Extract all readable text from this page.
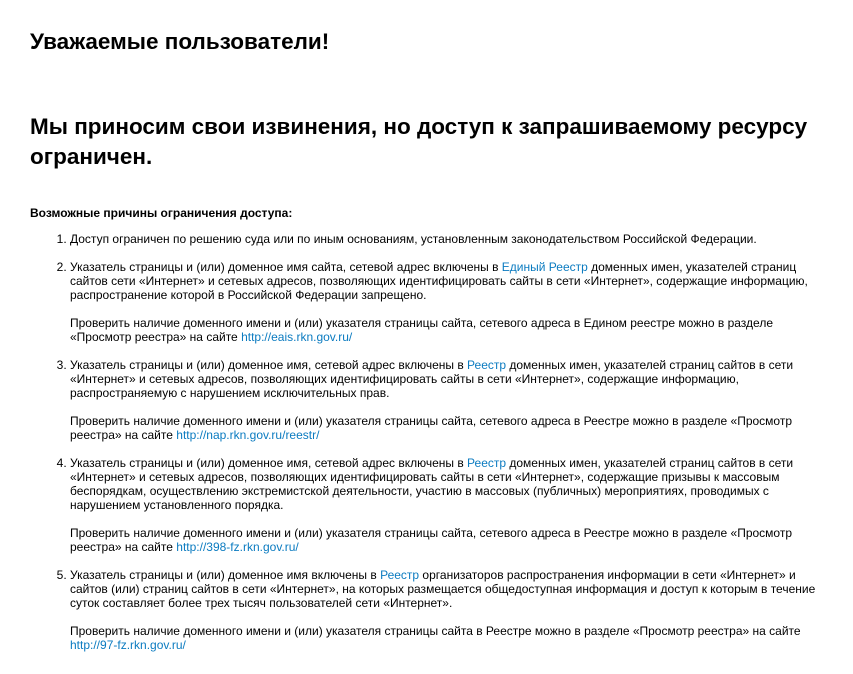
Уважаемые пользователи!
Мы приносим свои извинения, но доступ к запрашиваемому ресурсу ограничен.

Возможные причины ограничения доступа:

1. Доступ ограничен по решению суда или по иным основаниям, установленным законодательством Российской Федерации.

2. Указатель страницы и (или) доменное имя сайта, сетевой адрес включены в Единый Реестр доменных имен, указателей страниц сайтов сети «Интернет» и сетевых адресов, позволяющих идентифицировать сайты в сети «Интернет», содержащие информацию, распространение которой в Российской Федерации запрещено.

Проверить наличие доменного имени и (или) указателя страницы сайта, сетевого адреса в Едином реестре можно в разделе «Просмотр реестра» на сайте http://eais.rkn.gov.ru/

3. Указатель страницы и (или) доменное имя, сетевой адрес включены в Реестр доменных имен, указателей страниц сайтов в сети «Интернет» и сетевых адресов, позволяющих идентифицировать сайты в сети «Интернет», содержащие информацию, распространяемую с нарушением исключительных прав.

Проверить наличие доменного имени и (или) указателя страницы сайта, сетевого адреса в Реестре можно в разделе «Просмотр реестра» на сайте http://nap.rkn.gov.ru/reestr/

4. Указатель страницы и (или) доменное имя, сетевой адрес включены в Реестр доменных имен, указателей страниц сайтов в сети «Интернет» и сетевых адресов, позволяющих идентифицировать сайты в сети «Интернет», содержащие призывы к массовым беспорядкам, осуществлению экстремистской деятельности, участию в массовых (публичных) мероприятиях, проводимых с нарушением установленного порядка.

Проверить наличие доменного имени и (или) указателя страницы сайта, сетевого адреса в Реестре можно в разделе «Просмотр реестра» на сайте http://398-fz.rkn.gov.ru/

5. Указатель страницы и (или) доменное имя включены в Реестр организаторов распространения информации в сети «Интернет» и сайтов (или) страниц сайтов в сети «Интернет», на которых размещается общедоступная информация и доступ к которым в течение суток составляет более трех тысяч пользователей сети «Интернет».

Проверить наличие доменного имени и (или) указателя страницы сайта в Реестре можно в разделе «Просмотр реестра» на сайте http://97-fz.rkn.gov.ru/
